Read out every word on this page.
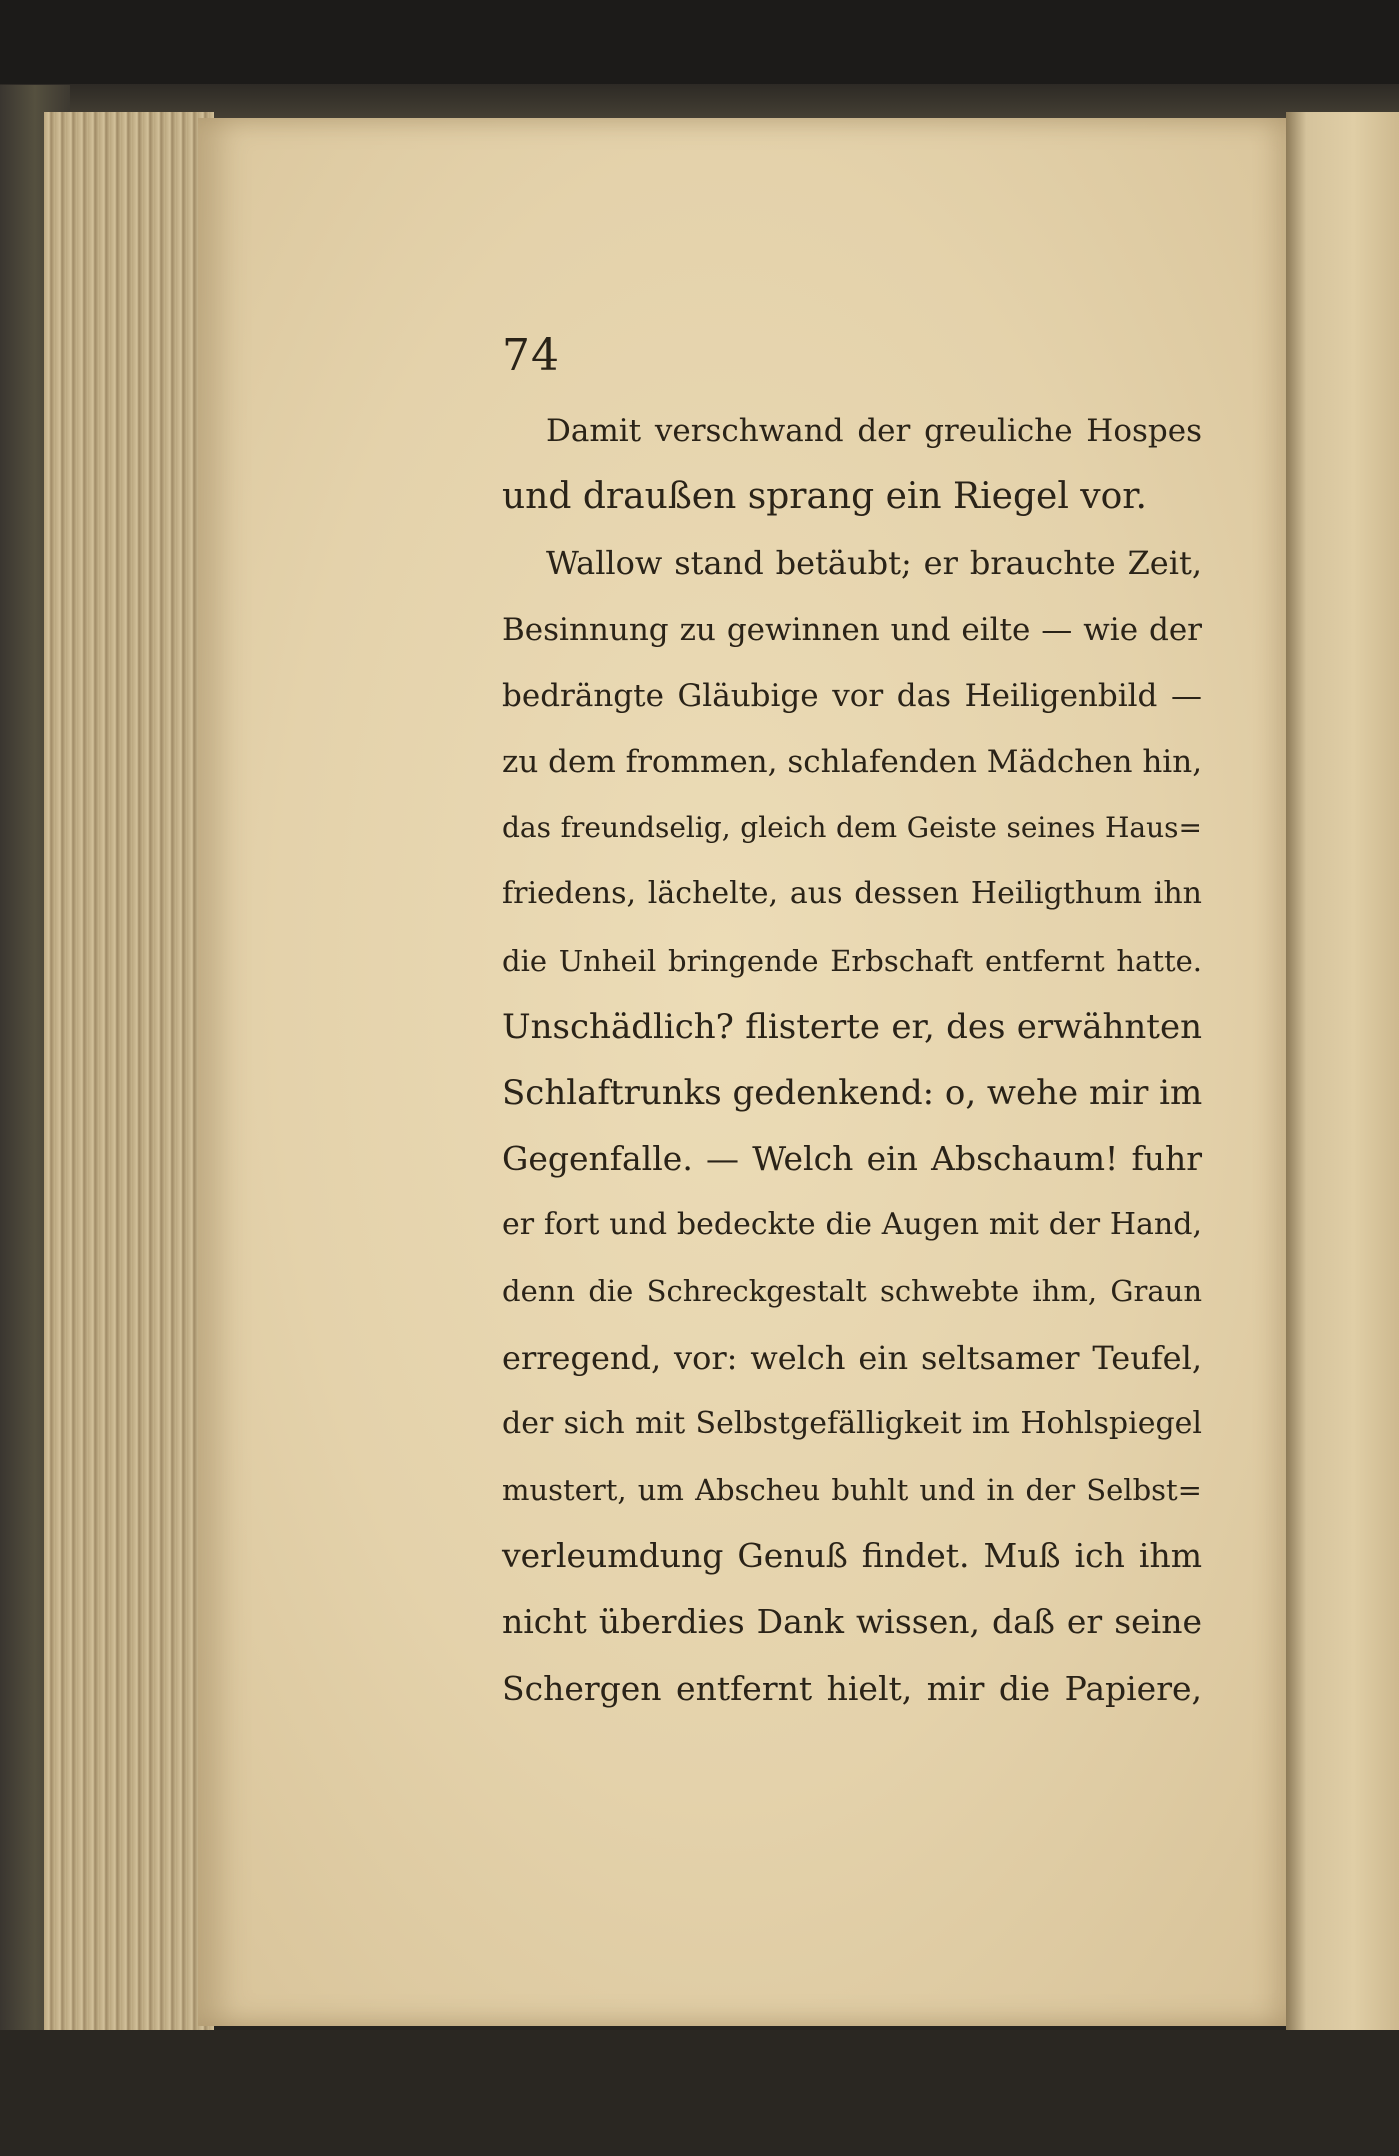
74
Damit verschwand der greuliche Hospes
und draußen sprang ein Riegel vor.
Wallow stand betäubt; er brauchte Zeit,
Besinnung zu gewinnen und eilte — wie der
bedrängte Gläubige vor das Heiligenbild —
zu dem frommen, schlafenden Mädchen hin,
das freundselig, gleich dem Geiste seines Haus=
friedens, lächelte, aus dessen Heiligthum ihn
die Unheil bringende Erbschaft entfernt hatte.
Unschädlich? flisterte er, des erwähnten
Schlaftrunks gedenkend: o, wehe mir im
Gegenfalle. — Welch ein Abschaum! fuhr
er fort und bedeckte die Augen mit der Hand,
denn die Schreckgestalt schwebte ihm, Graun
erregend, vor: welch ein seltsamer Teufel,
der sich mit Selbstgefälligkeit im Hohlspiegel
mustert, um Abscheu buhlt und in der Selbst=
verleumdung Genuß findet. Muß ich ihm
nicht überdies Dank wissen, daß er seine
Schergen entfernt hielt, mir die Papiere,
